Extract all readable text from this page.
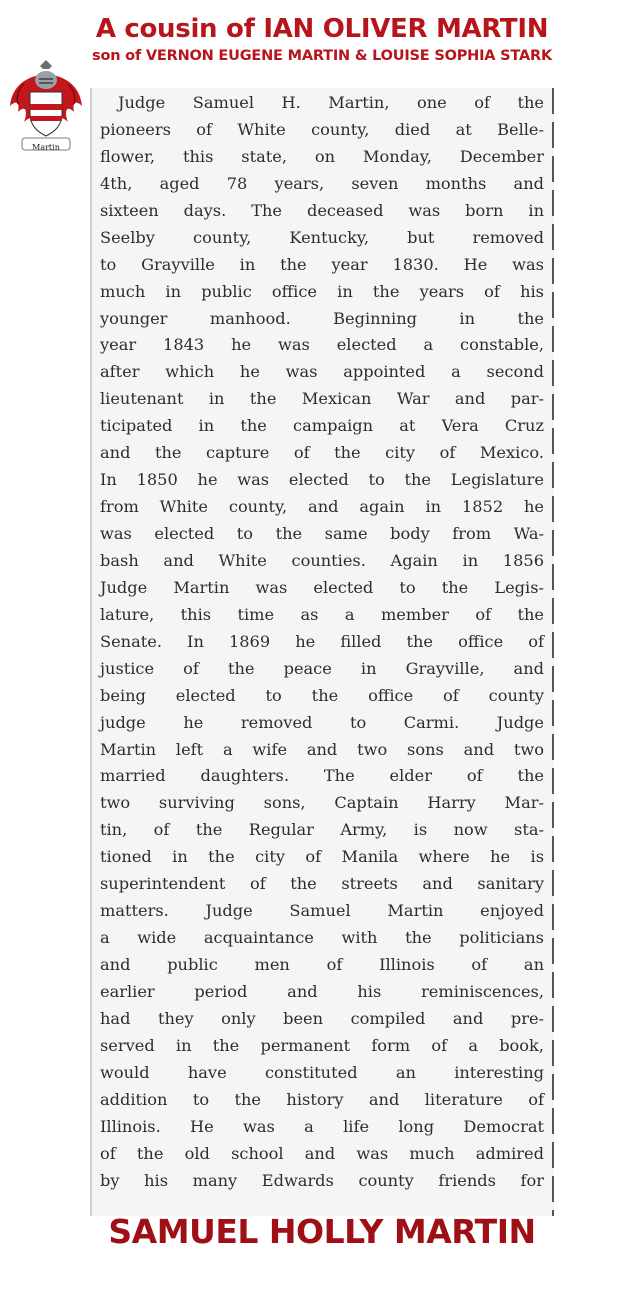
A cousin of IAN OLIVER MARTIN
son of VERNON EUGENE MARTIN & LOUISE SOPHIA STARK
Martin
Judge Samuel H. Martin, one of the
pioneers of White county, died at Belle-
flower, this state, on Monday, December
4th, aged 78 years, seven months and
sixteen days. The deceased was born in
Seelby county, Kentucky, but removed
to Grayville in the year 1830. He was
much in public office in the years of his
younger manhood. Beginning in the
year 1843 he was elected a constable,
after which he was appointed a second
lieutenant in the Mexican War and par-
ticipated in the campaign at Vera Cruz
and the capture of the city of Mexico.
In 1850 he was elected to the Legislature
from White county, and again in 1852 he
was elected to the same body from Wa-
bash and White counties. Again in 1856
Judge Martin was elected to the Legis-
lature, this time as a member of the
Senate. In 1869 he filled the office of
justice of the peace in Grayville, and
being elected to the office of county
judge he removed to Carmi. Judge
Martin left a wife and two sons and two
married daughters. The elder of the
two surviving sons, Captain Harry Mar-
tin, of the Regular Army, is now sta-
tioned in the city of Manila where he is
superintendent of the streets and sanitary
matters. Judge Samuel Martin enjoyed
a wide acquaintance with the politicians
and public men of Illinois of an
earlier period and his reminiscences,
had they only been compiled and pre-
served in the permanent form of a book,
would have constituted an interesting
addition to the history and literature of
Illinois. He was a life long Democrat
of the old school and was much admired
by his many Edwards county friends for
SAMUEL HOLLY MARTIN
